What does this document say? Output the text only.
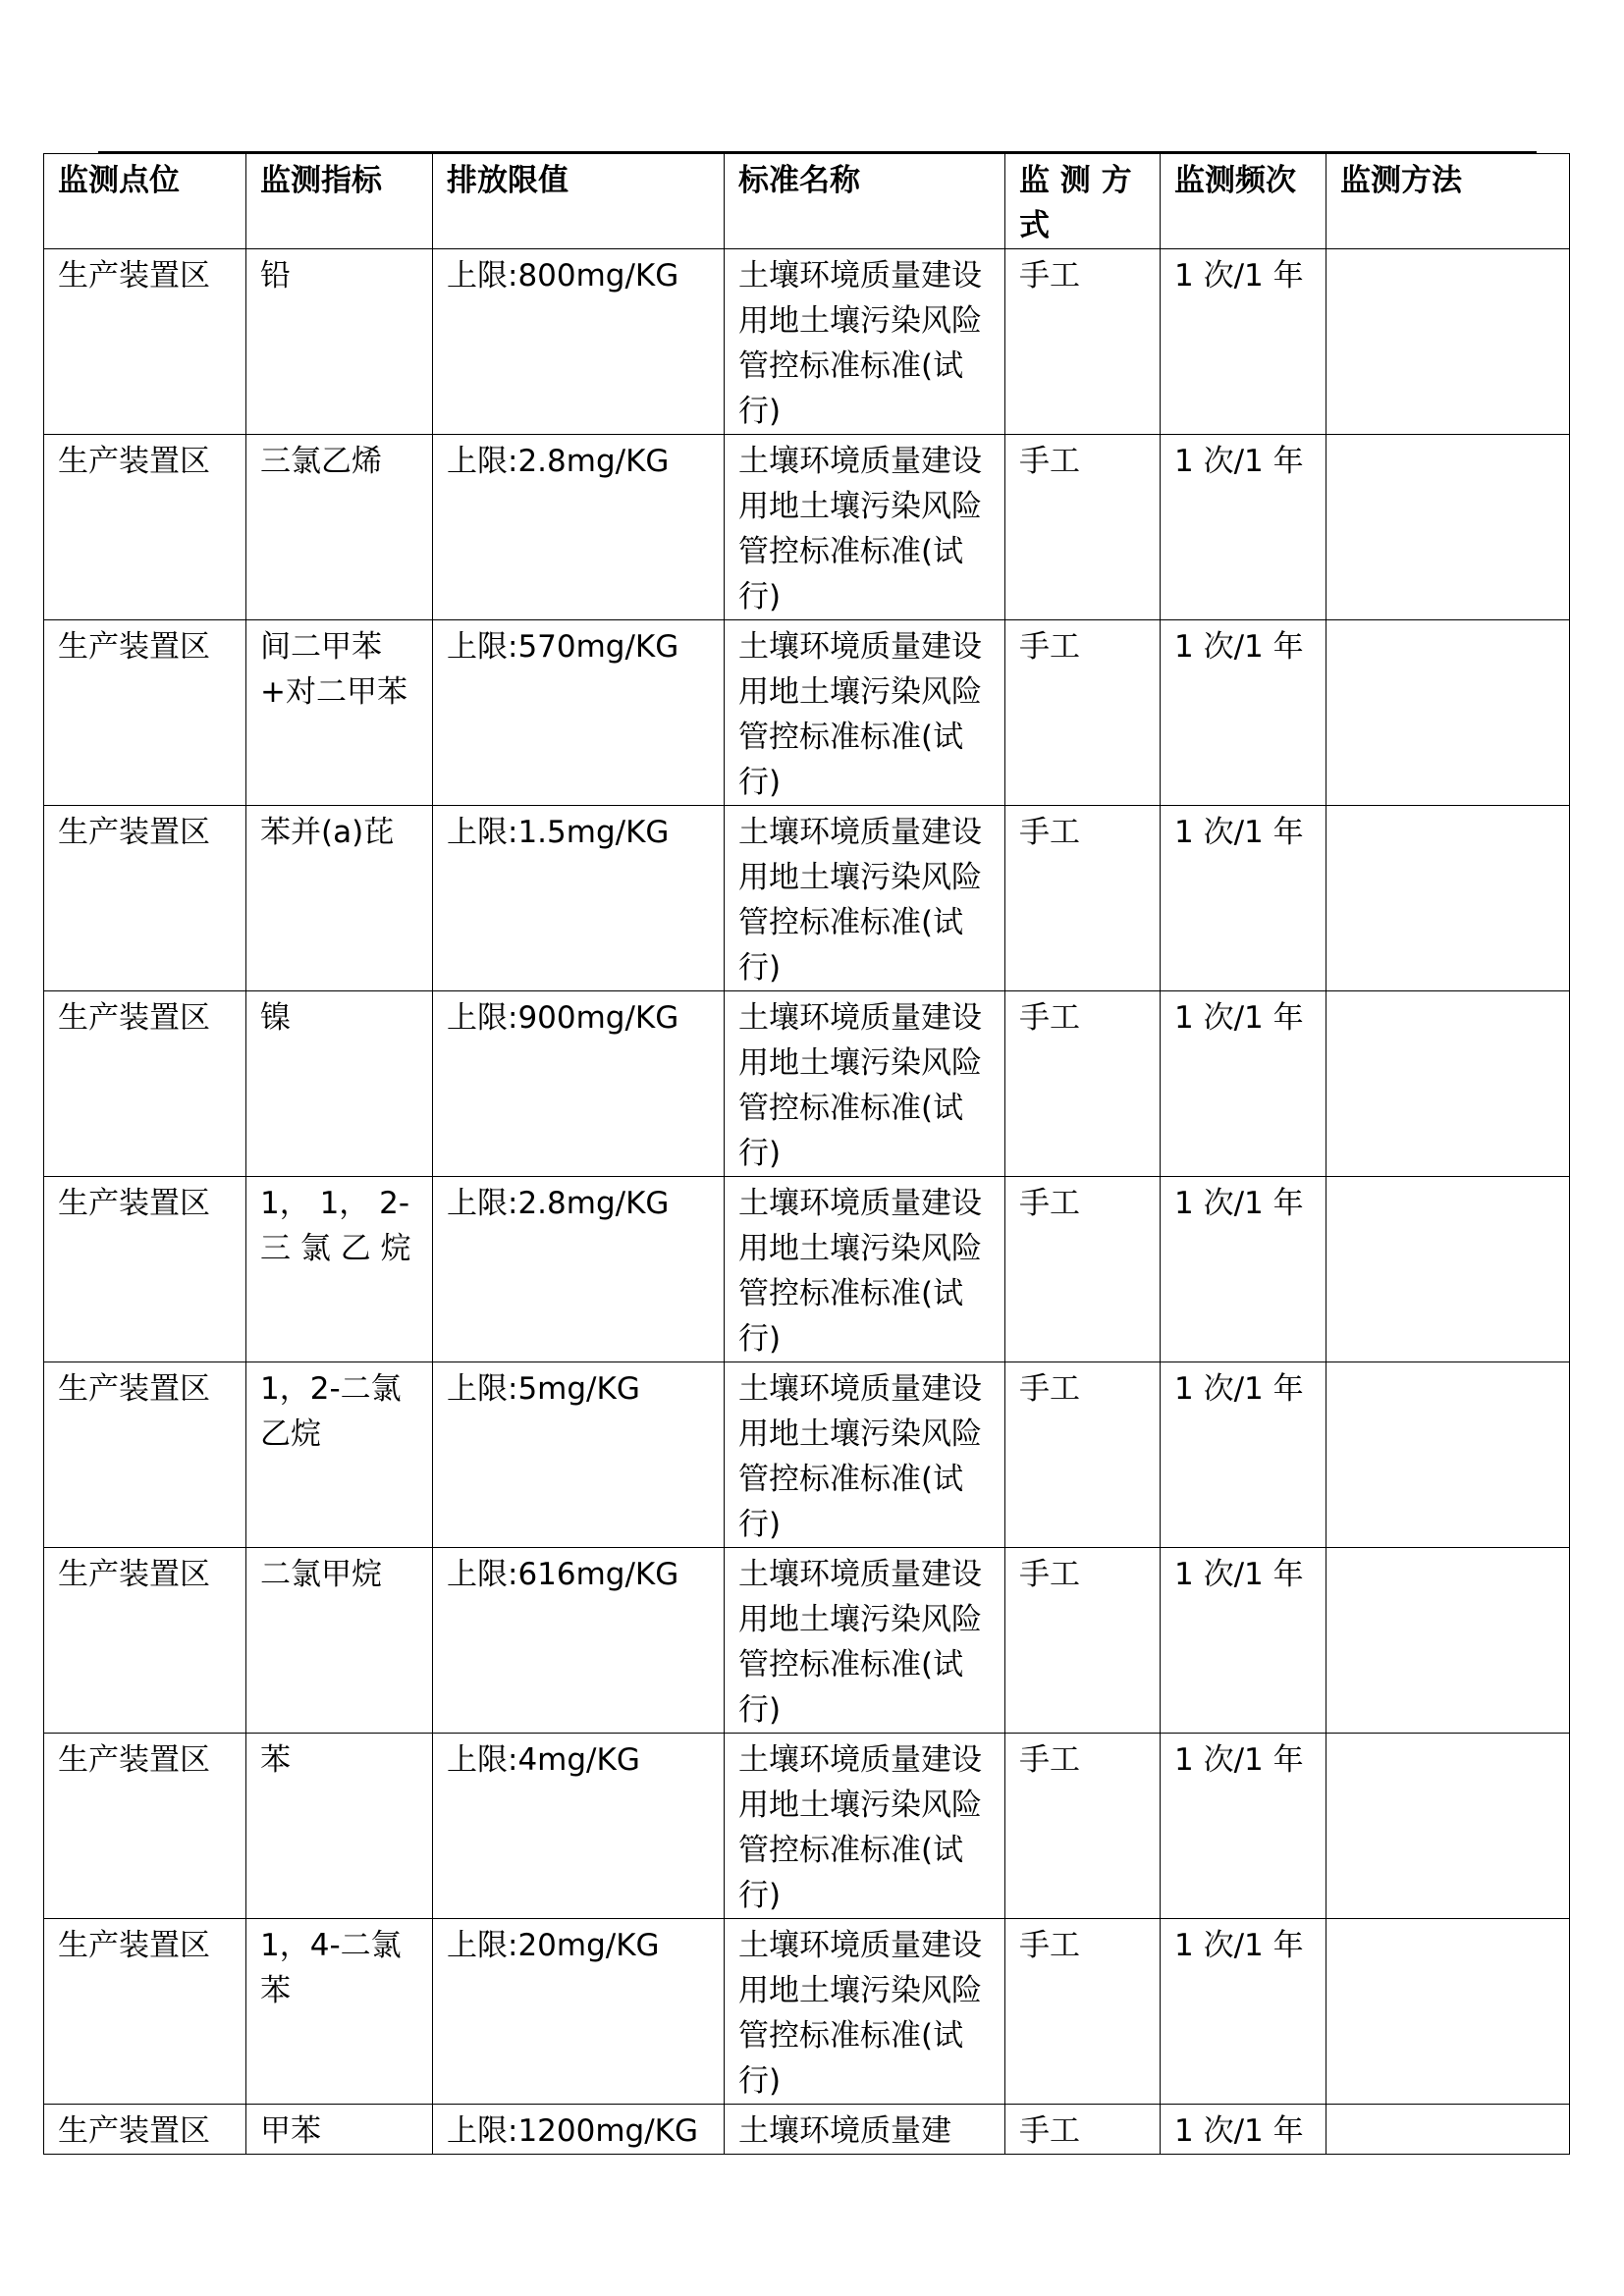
监测点位	监测指标	排放限值	标准名称	监 测 方 式	监测频次	监测方法
生产装置区	铅	上限:800mg/KG	土壤环境质量建设用地土壤污染风险管控标准标准(试行)	手工	1 次/1 年	
生产装置区	三氯乙烯	上限:2.8mg/KG	土壤环境质量建设用地土壤污染风险管控标准标准(试行)	手工	1 次/1 年	
生产装置区	间二甲苯+对二甲苯	上限:570mg/KG	土壤环境质量建设用地土壤污染风险管控标准标准(试行)	手工	1 次/1 年	
生产装置区	苯并(a)芘	上限:1.5mg/KG	土壤环境质量建设用地土壤污染风险管控标准标准(试行)	手工	1 次/1 年	
生产装置区	镍	上限:900mg/KG	土壤环境质量建设用地土壤污染风险管控标准标准(试行)	手工	1 次/1 年	
生产装置区	1， 1， 2-三 氯 乙 烷	上限:2.8mg/KG	土壤环境质量建设用地土壤污染风险管控标准标准(试行)	手工	1 次/1 年	
生产装置区	1，2-二氯乙烷	上限:5mg/KG	土壤环境质量建设用地土壤污染风险管控标准标准(试行)	手工	1 次/1 年	
生产装置区	二氯甲烷	上限:616mg/KG	土壤环境质量建设用地土壤污染风险管控标准标准(试行)	手工	1 次/1 年	
生产装置区	苯	上限:4mg/KG	土壤环境质量建设用地土壤污染风险管控标准标准(试行)	手工	1 次/1 年	
生产装置区	1，4-二氯苯	上限:20mg/KG	土壤环境质量建设用地土壤污染风险管控标准标准(试行)	手工	1 次/1 年	
生产装置区	甲苯	上限:1200mg/KG	土壤环境质量建	手工	1 次/1 年	
